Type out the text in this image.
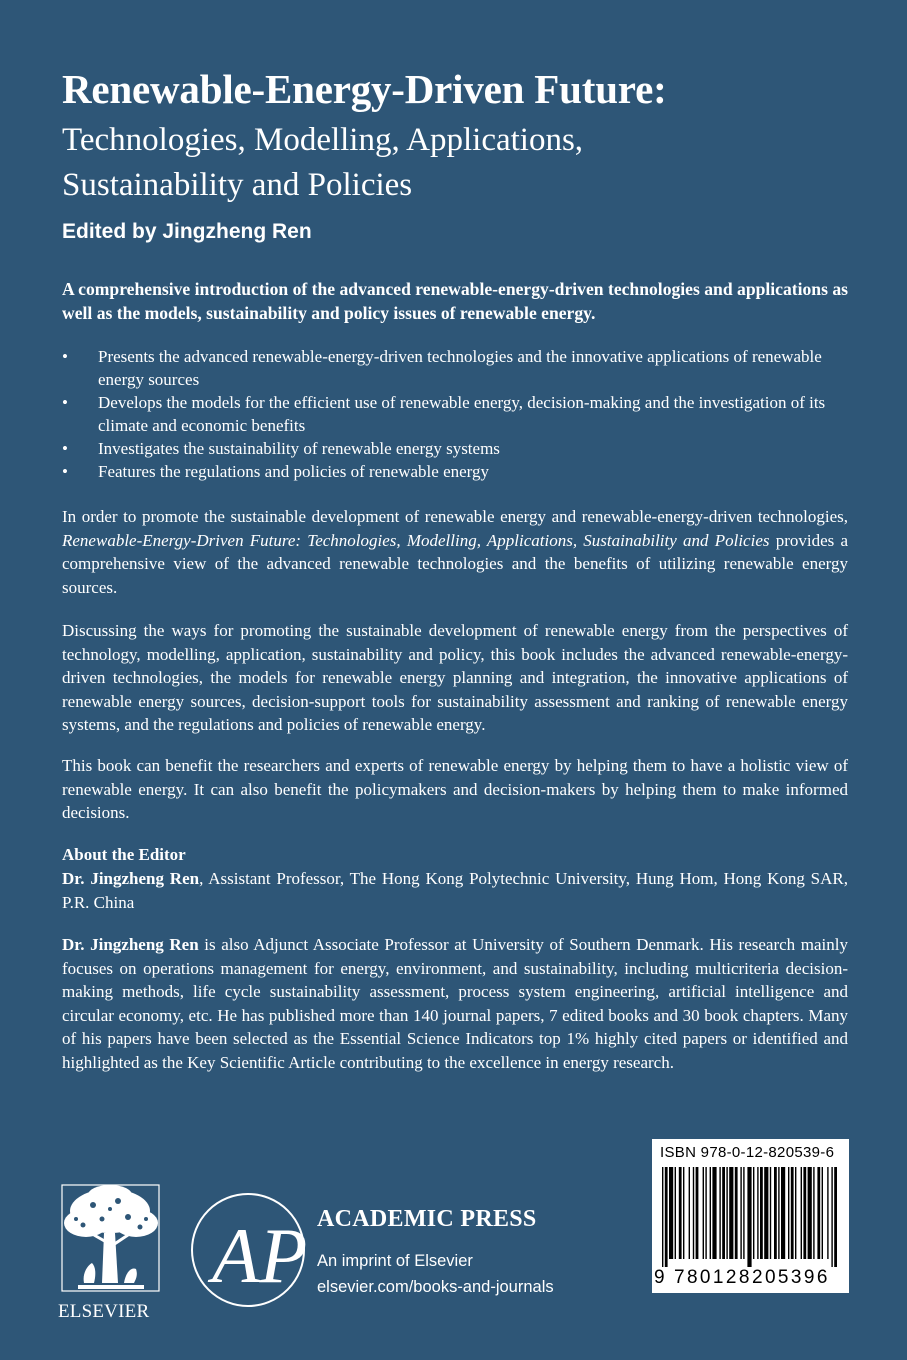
Renewable-Energy-Driven Future:
Technologies, Modelling, Applications,
Sustainability and Policies
Edited by Jingzheng Ren
A comprehensive introduction of the advanced renewable-energy-driven technologies and applications as well as the models, sustainability and policy issues of renewable energy.
• Presents the advanced renewable-energy-driven technologies and the innovative applications of renewable energy sources
• Develops the models for the efficient use of renewable energy, decision-making and the investigation of its climate and economic benefits
• Investigates the sustainability of renewable energy systems
• Features the regulations and policies of renewable energy

In order to promote the sustainable development of renewable energy and renewable-energy-driven technologies, Renewable-Energy-Driven Future: Technologies, Modelling, Applications, Sustainability and Policies provides a comprehensive view of the advanced renewable technologies and the benefits of utilizing renewable energy sources.

Discussing the ways for promoting the sustainable development of renewable energy from the perspectives of technology, modelling, application, sustainability and policy, this book includes the advanced renewable-energy-driven technologies, the models for renewable energy planning and integration, the innovative applications of renewable energy sources, decision-support tools for sustainability assessment and ranking of renewable energy systems, and the regulations and policies of renewable energy.

This book can benefit the researchers and experts of renewable energy by helping them to have a holistic view of renewable energy. It can also benefit the policymakers and decision-makers by helping them to make informed decisions.

About the Editor

Dr. Jingzheng Ren, Assistant Professor, The Hong Kong Polytechnic University, Hung Hom, Hong Kong SAR, P.R. China

Dr. Jingzheng Ren is also Adjunct Associate Professor at University of Southern Denmark. His research mainly focuses on operations management for energy, environment, and sustainability, including multicriteria decision-making methods, life cycle sustainability assessment, process system engineering, artificial intelligence and circular economy, etc. He has published more than 140 journal papers, 7 edited books and 30 book chapters. Many of his papers have been selected as the Essential Science Indicators top 1% highly cited papers or identified and highlighted as the Key Scientific Article contributing to the excellence in energy research.

ELSEVIER
AP ACADEMIC PRESS
An imprint of Elsevier
elsevier.com/books-and-journals
ISBN 978-0-12-820539-6
9 780128 205396
